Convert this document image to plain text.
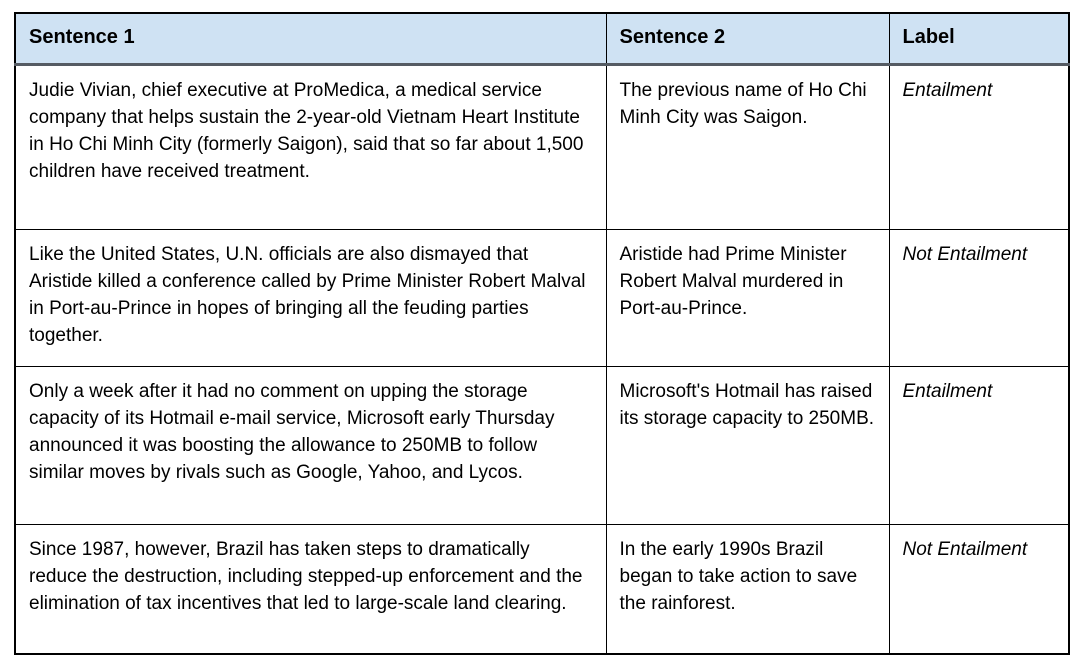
Sentence 1	Sentence 2	Label
Judie Vivian, chief executive at ProMedica, a medical service company that helps sustain the 2-year-old Vietnam Heart Institute in Ho Chi Minh City (formerly Saigon), said that so far about 1,500 children have received treatment.	The previous name of Ho Chi Minh City was Saigon.	Entailment
Like the United States, U.N. officials are also dismayed that Aristide killed a conference called by Prime Minister Robert Malval in Port-au-Prince in hopes of bringing all the feuding parties together.	Aristide had Prime Minister Robert Malval murdered in Port-au-Prince.	Not Entailment
Only a week after it had no comment on upping the storage capacity of its Hotmail e-mail service, Microsoft early Thursday announced it was boosting the allowance to 250MB to follow similar moves by rivals such as Google, Yahoo, and Lycos.	Microsoft's Hotmail has raised its storage capacity to 250MB.	Entailment
Since 1987, however, Brazil has taken steps to dramatically reduce the destruction, including stepped-up enforcement and the elimination of tax incentives that led to large-scale land clearing.	In the early 1990s Brazil began to take action to save the rainforest.	Not Entailment
